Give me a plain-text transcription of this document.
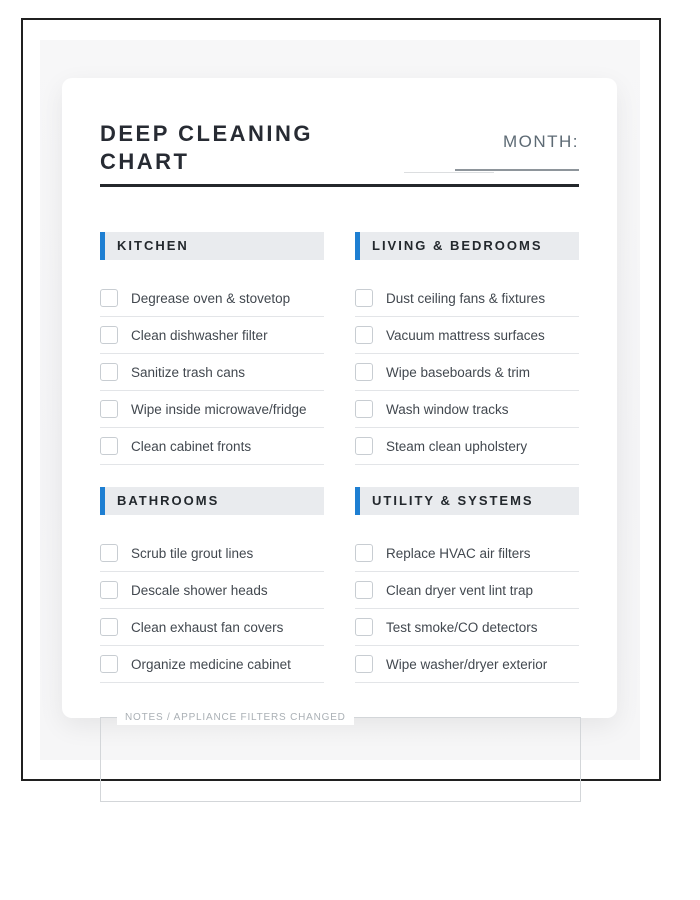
DEEP CLEANING CHART
MONTH:
KITCHEN
Degrease oven & stovetop
Clean dishwasher filter
Sanitize trash cans
Wipe inside microwave/fridge
Clean cabinet fronts
BATHROOMS
Scrub tile grout lines
Descale shower heads
Clean exhaust fan covers
Organize medicine cabinet
LIVING & BEDROOMS
Dust ceiling fans & fixtures
Vacuum mattress surfaces
Wipe baseboards & trim
Wash window tracks
Steam clean upholstery
UTILITY & SYSTEMS
Replace HVAC air filters
Clean dryer vent lint trap
Test smoke/CO detectors
Wipe washer/dryer exterior
NOTES / APPLIANCE FILTERS CHANGED
